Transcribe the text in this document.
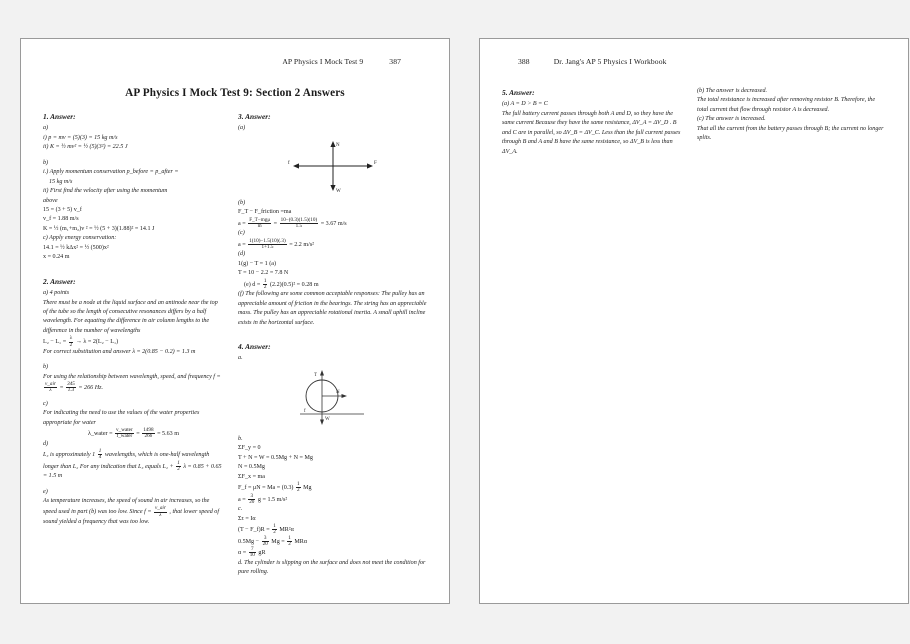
AP Physics I Mock Test 9	387
AP Physics I Mock Test 9: Section 2 Answers

1. Answer:

a)

i) p = mv = (5)(3) = 15 kg m/s

ii) K = ½ mv² = ½ (5)(3²) = 22.5 J

b)

i.) Apply momentum conservation p_before = p_after =

15 kg m/s

ii) First find the velocity after using the momentum

above

15 = (3 + 5) v_f

v_f = 1.88 m/s

K = ½ (m₁+m₂)v ² = ½ (5 + 3)(1.88)² = 14.1 J

c) Apply energy conservation:

14.1 = ½ kΔx² = ½ (500)x²

x = 0.24 m

2. Answer:

a) 4 points

There must be a node at the liquid surface and an antinode near the top of the tube so the length of consecutive resonances differs by a half wavelength. For equating the difference in air column lengths to the difference in the number of wavelengths

$L_2 - L_1 = \frac{\lambda}{2} \to \lambda = 2(L_2 - L_1)$

For correct substitution and answer λ = 2(0.85 − 0.2) = 1.3 m

b)

For using the relationship between wavelength, speed, and frequency f =
$\frac{\text{v\_air}}{\lambda} = \frac{345}{1.3} = 266$ Hz.

c)

For indicating the need to use the values of the water properties appropriate for water

λ_water = $\frac{\text{v\_water}}{\text{f\_water}} = \frac{1498}{266} = 5.63$ m

d)

L₃ is approximately $1 \frac{1}{4}$ wavelengths, which is one-half wavelength longer than L₂ For any indication that L₃ equals $L_2 + \frac{1}{2}$ λ = 0.85 + 0.65 = 1.5 m

e)

As temperature increases, the speed of sound in air increases, so the speed used in part (b) was too low. Since $f = \frac{\text{v\_air}}{\lambda}$ , that lower speed of sound yielded a frequency that was too low.

3. Answer:

(a)

N
W
f	F

(b)

F_T − F_friction =ma

$a = \frac{\text{F\_T−mgμ}}{m} = \frac{10-(0.3)(1.5)(10)}{1.5} = 3.67$ m/s

(c)

$a = \frac{1(10)-1.5(10)(.3)}{1+1.5} = 2.2$ m/s²

(d)

1(g) − T = 1 (a)

T = 10 − 2.2 = 7.8 N

(e) $d = \frac{1}{2} (2.2)(0.5)^2 = 0.28$ m

(f) The following are some common acceptable responses: The pulley has an appreciable amount of friction in the bearings. The string has an appreciable mass. The pulley has an appreciable rotational inertia. A small uphill incline exists in the horizontal surface.

4. Answer:

a.

T
N
W
f

b.

ΣF_y = 0

T + N = W = 0.5Mg + N = Mg

N = 0.5Mg

ΣF_x = ma

F_f = $\mu N = Ma = (0.3) \frac{1}{2}$ Mg

$a = \frac{3}{20}$ g = 1.5 m/s²

c.

Στ = Iα

(T − F_f)R = $\frac{1}{2} MR^2\alpha$

$0.5Mg - \frac{3}{20}$ $Mg = \frac{1}{2}$ MRα

$\alpha = \frac{7}{10}$ gR

d. The cylinder is slipping on the surface and does not meet the condition for pure rolling.

388	Dr. Jang's AP 5 Physics I Workbook

5. Answer:

(a) A = D > B = C

The full battery current passes through both A and D, so they have the same current Because they have the same resistance, ΔV_A = ΔV_D . B and C are in parallel, so ΔV_B = ΔV_C. Less than the full current passes through B and A and B have the same resistance, so ΔV_B is less than ΔV_A.

(b) The answer is decreased.

The total resistance is increased after removing resistor B. Therefore, the total current that flow through resistor A is decreased.

(c) The answer is increased.

That all the current from the battery passes through B; the current no longer splits.
